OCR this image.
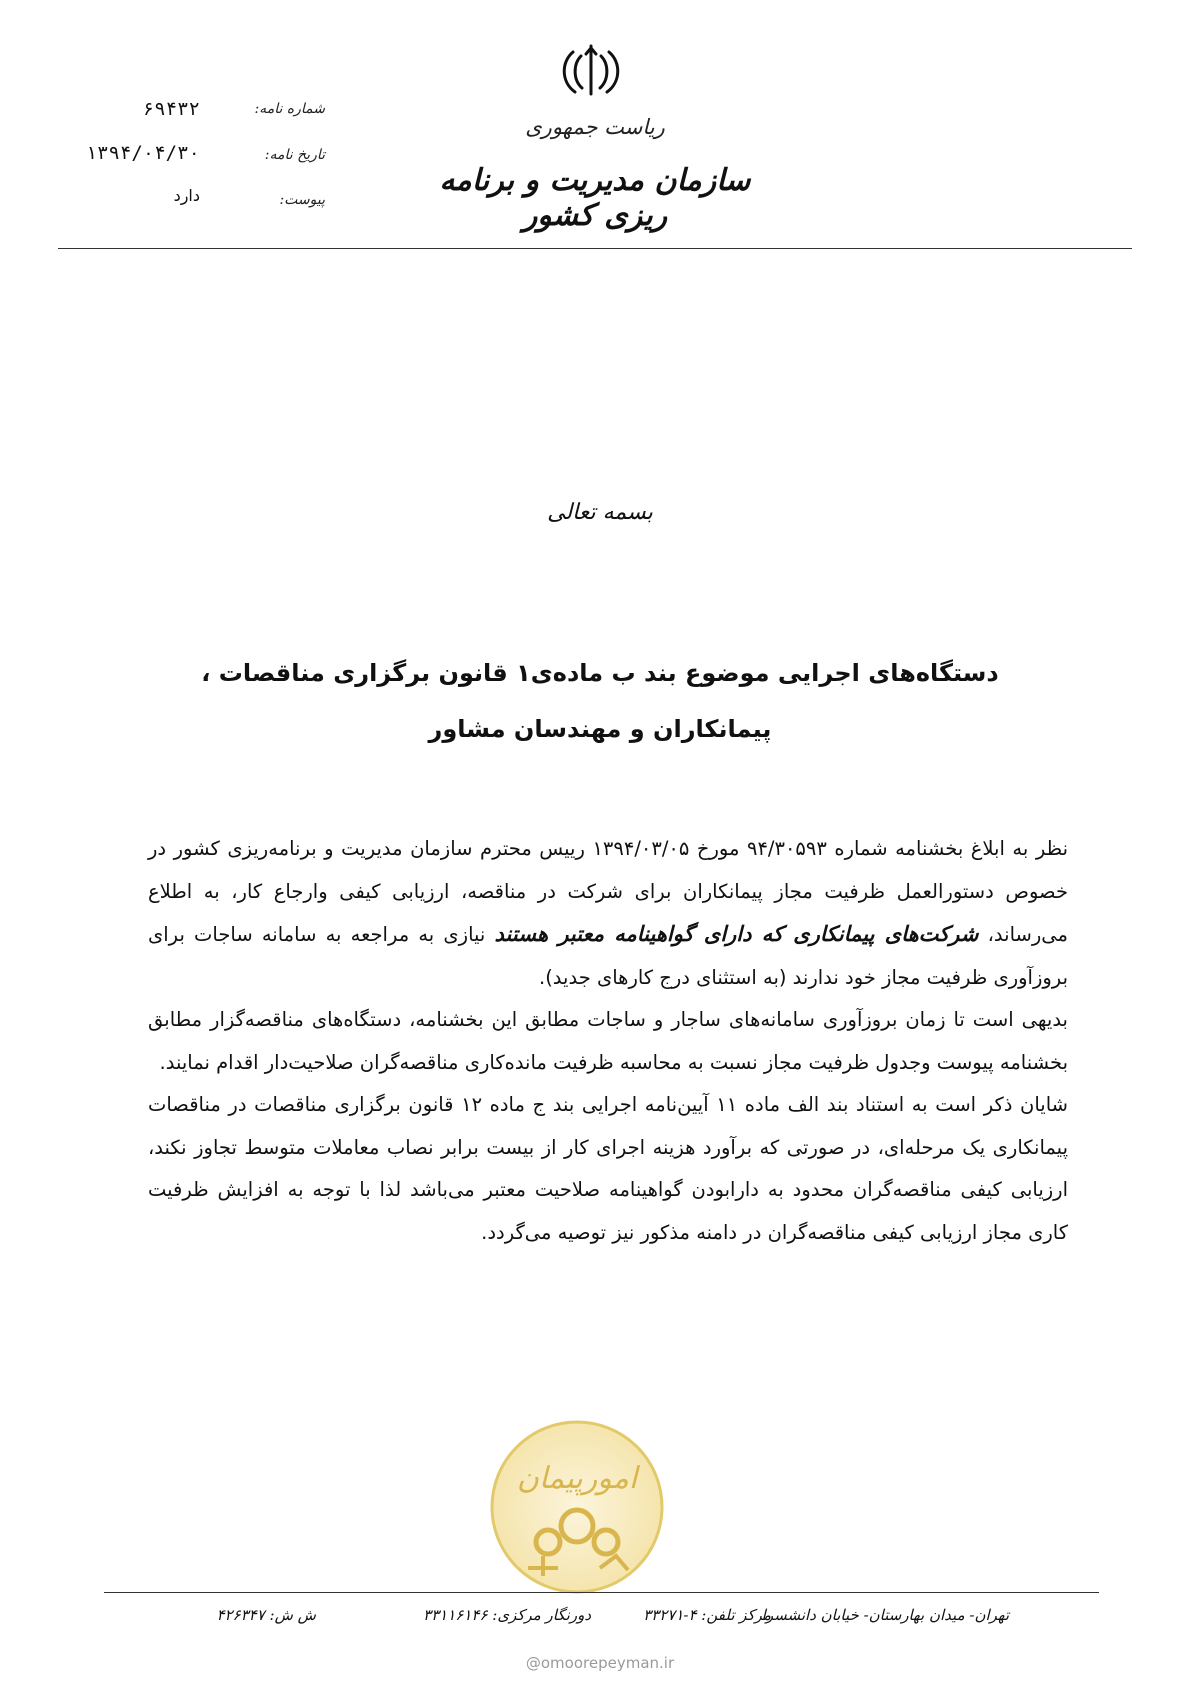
ریاست جمهوری
سازمان مدیریت و برنامه ریزی کشور
شماره نامه:
۶۹۴۳۲
تاریخ نامه:
۱۳۹۴/۰۴/۳۰
پیوست:
دارد
بسمه تعالی
دستگاه‌های اجرایی موضوع بند ب ماده‌ی۱ قانون برگزاری مناقصات ، پیمانکاران و مهندسان مشاور

نظر به ابلاغ بخشنامه شماره ۹۴/۳۰۵۹۳ مورخ ۱۳۹۴/۰۳/۰۵ رییس محترم سازمان مدیریت و برنامه‌ریزی کشور در خصوص دستورالعمل ظرفیت مجاز پیمانکاران برای شرکت در مناقصه، ارزیابی کیفی وارجاع کار، به اطلاع می‌رساند، شرکت‌های پیمانکاری که دارای گواهینامه معتبر هستند نیازی به مراجعه به سامانه ساجات برای بروزآوری ظرفیت مجاز خود ندارند (به استثنای درج کارهای جدید).

بدیهی است تا زمان بروزآوری سامانه‌های ساجار و ساجات مطابق این بخشنامه، دستگاه‌های مناقصه‌گزار مطابق بخشنامه پیوست وجدول ظرفیت مجاز نسبت به محاسبه ظرفیت مانده‌کاری مناقصه‌گران صلاحیت‌دار اقدام نمایند.

شایان ذکر است به استناد بند الف ماده ۱۱ آیین‌نامه اجرایی بند ج ماده ۱۲ قانون برگزاری مناقصات در مناقصات پیمانکاری یک مرحله‌ای، در صورتی که برآورد هزینه اجرای کار از بیست برابر نصاب معاملات متوسط تجاوز نکند، ارزیابی کیفی مناقصه‌گران محدود به دارابودن گواهینامه صلاحیت معتبر می‌باشد لذا با توجه به افزایش ظرفیت کاری مجاز ارزیابی کیفی مناقصه‌گران در دامنه مذکور نیز توصیه می‌گردد.

امورپیمان
تهران- میدان بهارستان- خیابان دانشسرا
مرکز تلفن: ۴-۳۳۲۷۱
دورنگار مرکزی: ۳۳۱۱۶۱۴۶
ش ش: ۴۲۶۳۴۷
@omoorepeyman.ir
